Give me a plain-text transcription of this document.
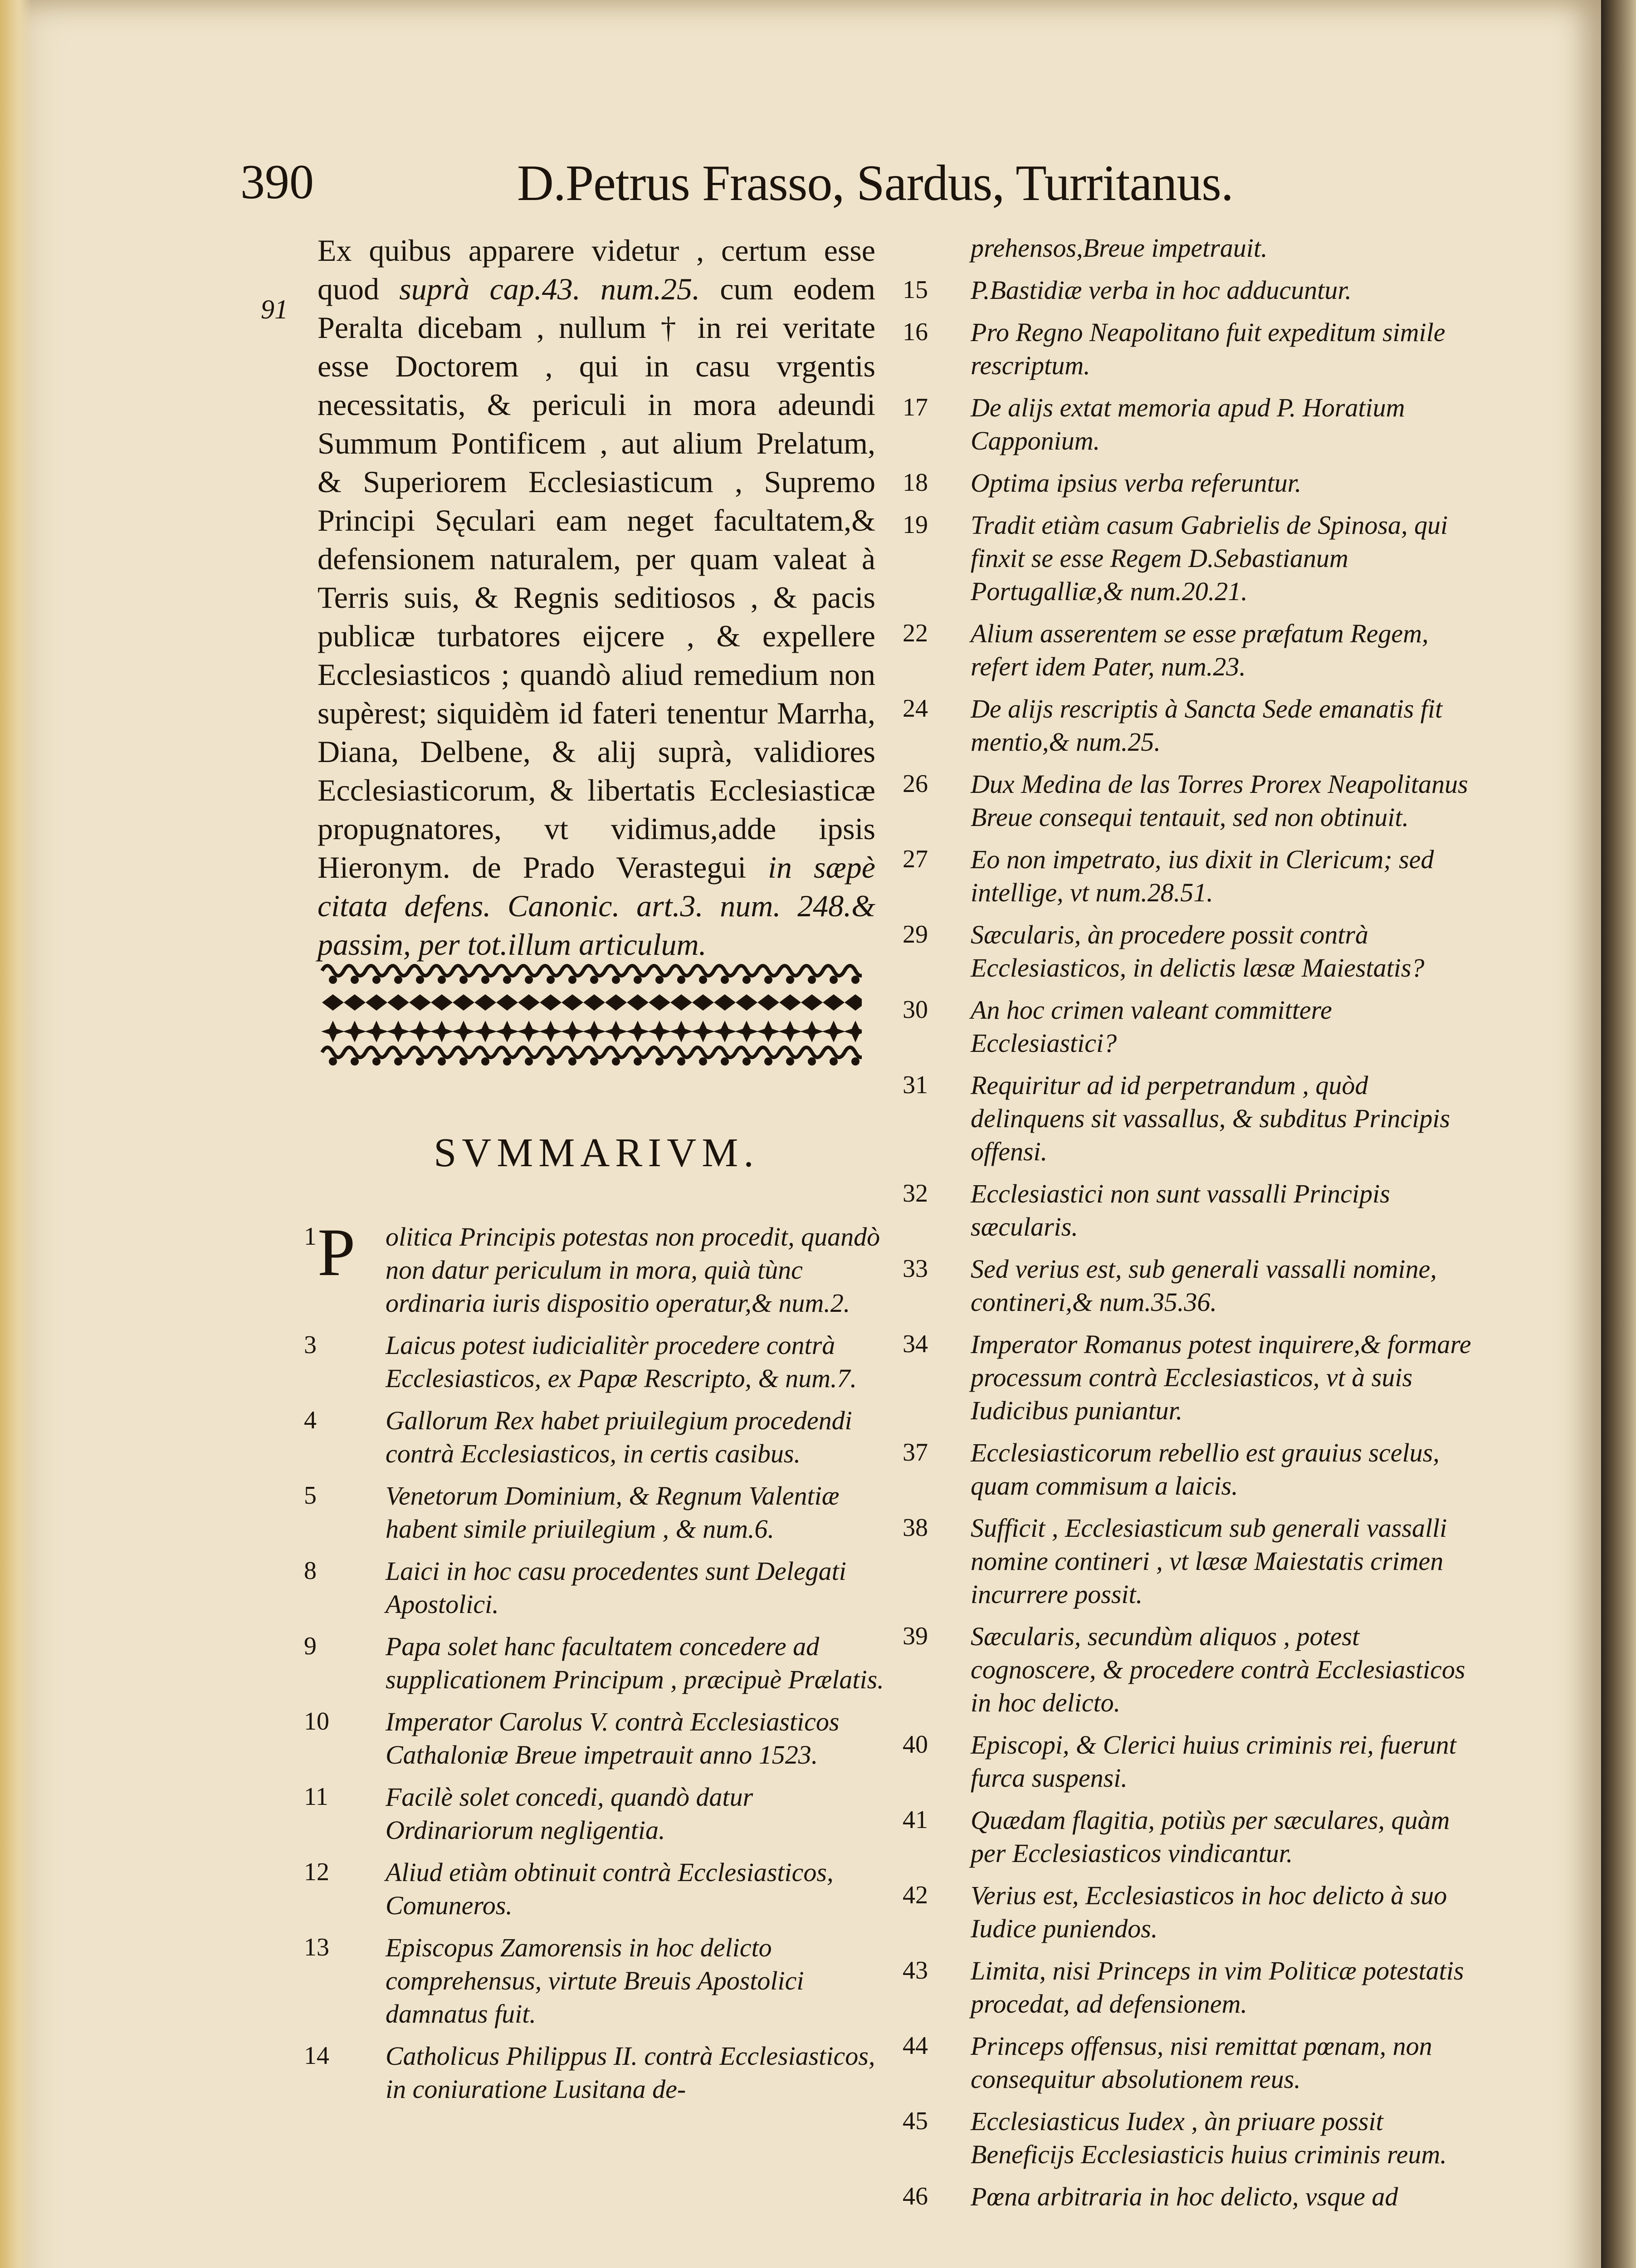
390	D.Petrus Frasso, Sardus, Turritanus.
91

Ex quibus apparere videtur , certum esse quod suprà cap.43. num.25. cum eodem Peralta dicebam , nullum † in rei veritate esse Doctorem , qui in casu vrgentis necessitatis, & periculi in mora adeundi Summum Pontificem , aut alium Prelatum, & Superiorem Ecclesiasticum , Supremo Principi Sęculari eam neget facultatem,& defensionem naturalem, per quam valeat à Terris suis, & Regnis seditiosos , & pacis publicæ turbatores eijcere , & expellere Ecclesiasticos ; quandò aliud remedium non supèrest; siquidèm id fateri tenentur Marrha, Diana, Delbene, & alij suprà, validiores Ecclesiasticorum, & libertatis Ecclesiasticæ propugnatores, vt vidimus,adde ipsis Hieronym. de Prado Verastegui in sæpè citata defens. Canonic. art.3. num. 248.& passim, per tot.illum articulum.

SVMMARIVM.
1 P olitica Principis potestas non procedit, quandò non datur periculum in mora, quià tùnc ordinaria iuris dispositio operatur,& num.2.
3	Laicus potest iudicialitèr procedere contrà Ecclesiasticos, ex Papæ Rescripto, & num.7.
4	Gallorum Rex habet priuilegium procedendi contrà Ecclesiasticos, in certis casibus.
5	Venetorum Dominium, & Regnum Valentiæ habent simile priuilegium , & num.6.
8	Laici in hoc casu procedentes sunt Delegati Apostolici.
9	Papa solet hanc facultatem concedere ad supplicationem Principum , præcipuè Prælatis.
10	Imperator Carolus V. contrà Ecclesiasticos Cathaloniæ Breue impetrauit anno 1523.
11	Facilè solet concedi, quandò datur Ordinariorum negligentia.
12	Aliud etiàm obtinuit contrà Ecclesiasticos, Comuneros.
13	Episcopus Zamorensis in hoc delicto comprehensus, virtute Breuis Apostolici damnatus fuit.
14	Catholicus Philippus II. contrà Ecclesiasticos, in coniuratione Lusitana de-
prehensos,Breue impetrauit.
15	P.Bastidiæ verba in hoc adducuntur.
16	Pro Regno Neapolitano fuit expeditum simile rescriptum.
17	De alijs extat memoria apud P. Horatium Capponium.
18	Optima ipsius verba referuntur.
19	Tradit etiàm casum Gabrielis de Spinosa, qui finxit se esse Regem D.Sebastianum Portugalliæ,& num.20.21.
22	Alium asserentem se esse præfatum Regem, refert idem Pater, num.23.
24	De alijs rescriptis à Sancta Sede emanatis fit mentio,& num.25.
26	Dux Medina de las Torres Prorex Neapolitanus Breue consequi tentauit, sed non obtinuit.
27	Eo non impetrato, ius dixit in Clericum; sed intellige, vt num.28.51.
29	Sæcularis, àn procedere possit contrà Ecclesiasticos, in delictis læsæ Maiestatis?
30	An hoc crimen valeant committere Ecclesiastici?
31	Requiritur ad id perpetrandum , quòd delinquens sit vassallus, & subditus Principis offensi.
32	Ecclesiastici non sunt vassalli Principis sæcularis.
33	Sed verius est, sub generali vassalli nomine, contineri,& num.35.36.
34	Imperator Romanus potest inquirere,& formare processum contrà Ecclesiasticos, vt à suis Iudicibus puniantur.
37	Ecclesiasticorum rebellio est grauius scelus, quam commisum a laicis.
38	Sufficit , Ecclesiasticum sub generali vassalli nomine contineri , vt læsæ Maiestatis crimen incurrere possit.
39	Sæcularis, secundùm aliquos , potest cognoscere, & procedere contrà Ecclesiasticos in hoc delicto.
40	Episcopi, & Clerici huius criminis rei, fuerunt furca suspensi.
41	Quædam flagitia, potiùs per sæculares, quàm per Ecclesiasticos vindicantur.
42	Verius est, Ecclesiasticos in hoc delicto à suo Iudice puniendos.
43	Limita, nisi Princeps in vim Politicæ potestatis procedat, ad defensionem.
44	Princeps offensus, nisi remittat pœnam, non consequitur absolutionem reus.
45	Ecclesiasticus Iudex , àn priuare possit Beneficijs Ecclesiasticis huius criminis reum.
46	Pœna arbitraria in hoc delicto, vsque ad
